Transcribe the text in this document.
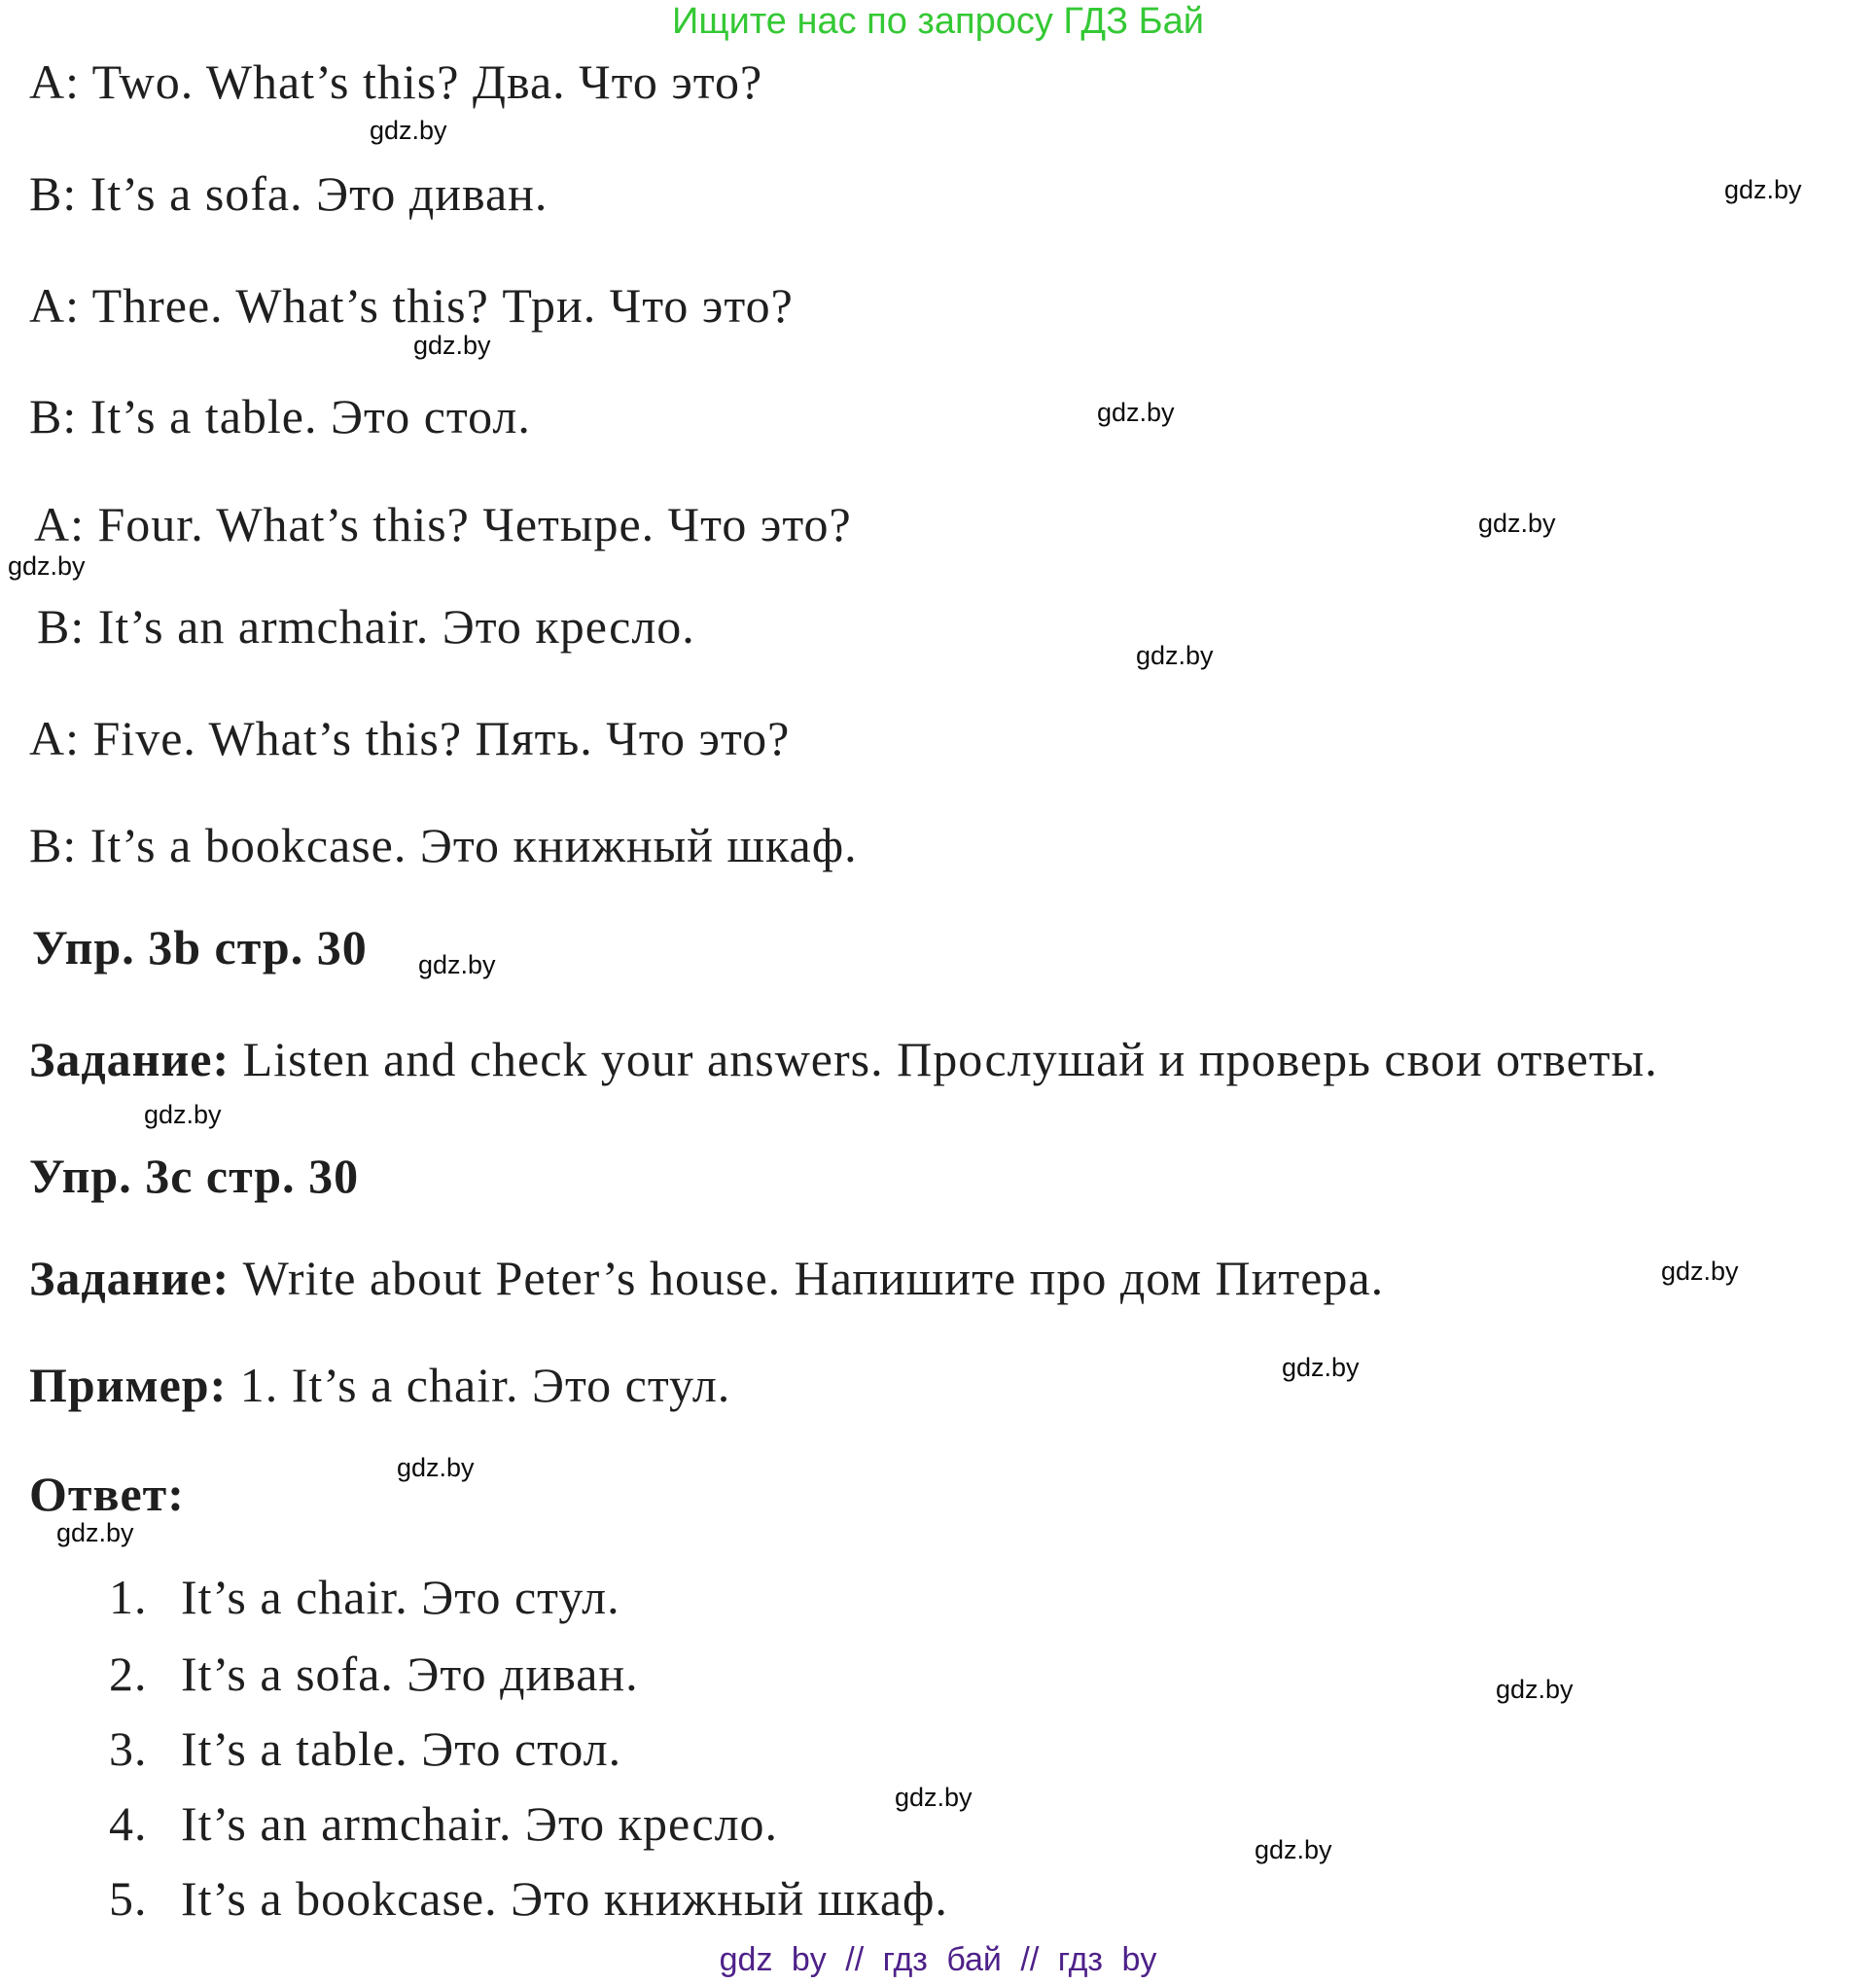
Ищите нас по запросу ГДЗ Бай
A: Two. What’s this? Два. Что это?
B: It’s a sofa. Это диван.
A: Three. What’s this? Три. Что это?
B: It’s a table. Это стол.
A: Four. What’s this? Четыре. Что это?
B: It’s an armchair. Это кресло.
A: Five. What’s this? Пять. Что это?
B: It’s a bookcase. Это книжный шкаф.
Упр. 3b стр. 30
Задание: Listen and check your answers. Прослушай и проверь свои ответы.
Упр. 3c стр. 30
Задание: Write about Peter’s house. Напишите про дом Питера.
Пример: 1. It’s a chair. Это стул.
Ответ:
1. It’s a chair. Это стул.
2. It’s a sofa. Это диван.
3. It’s a table. Это стол.
4. It’s an armchair. Это кресло.
5. It’s a bookcase. Это книжный шкаф.
gdz.by
gdz.by
gdz.by
gdz.by
gdz.by
gdz.by
gdz.by
gdz.by
gdz.by
gdz.by
gdz.by
gdz.by
gdz.by
gdz.by
gdz.by
gdz.by
gdz by // гдз бай // гдз by
